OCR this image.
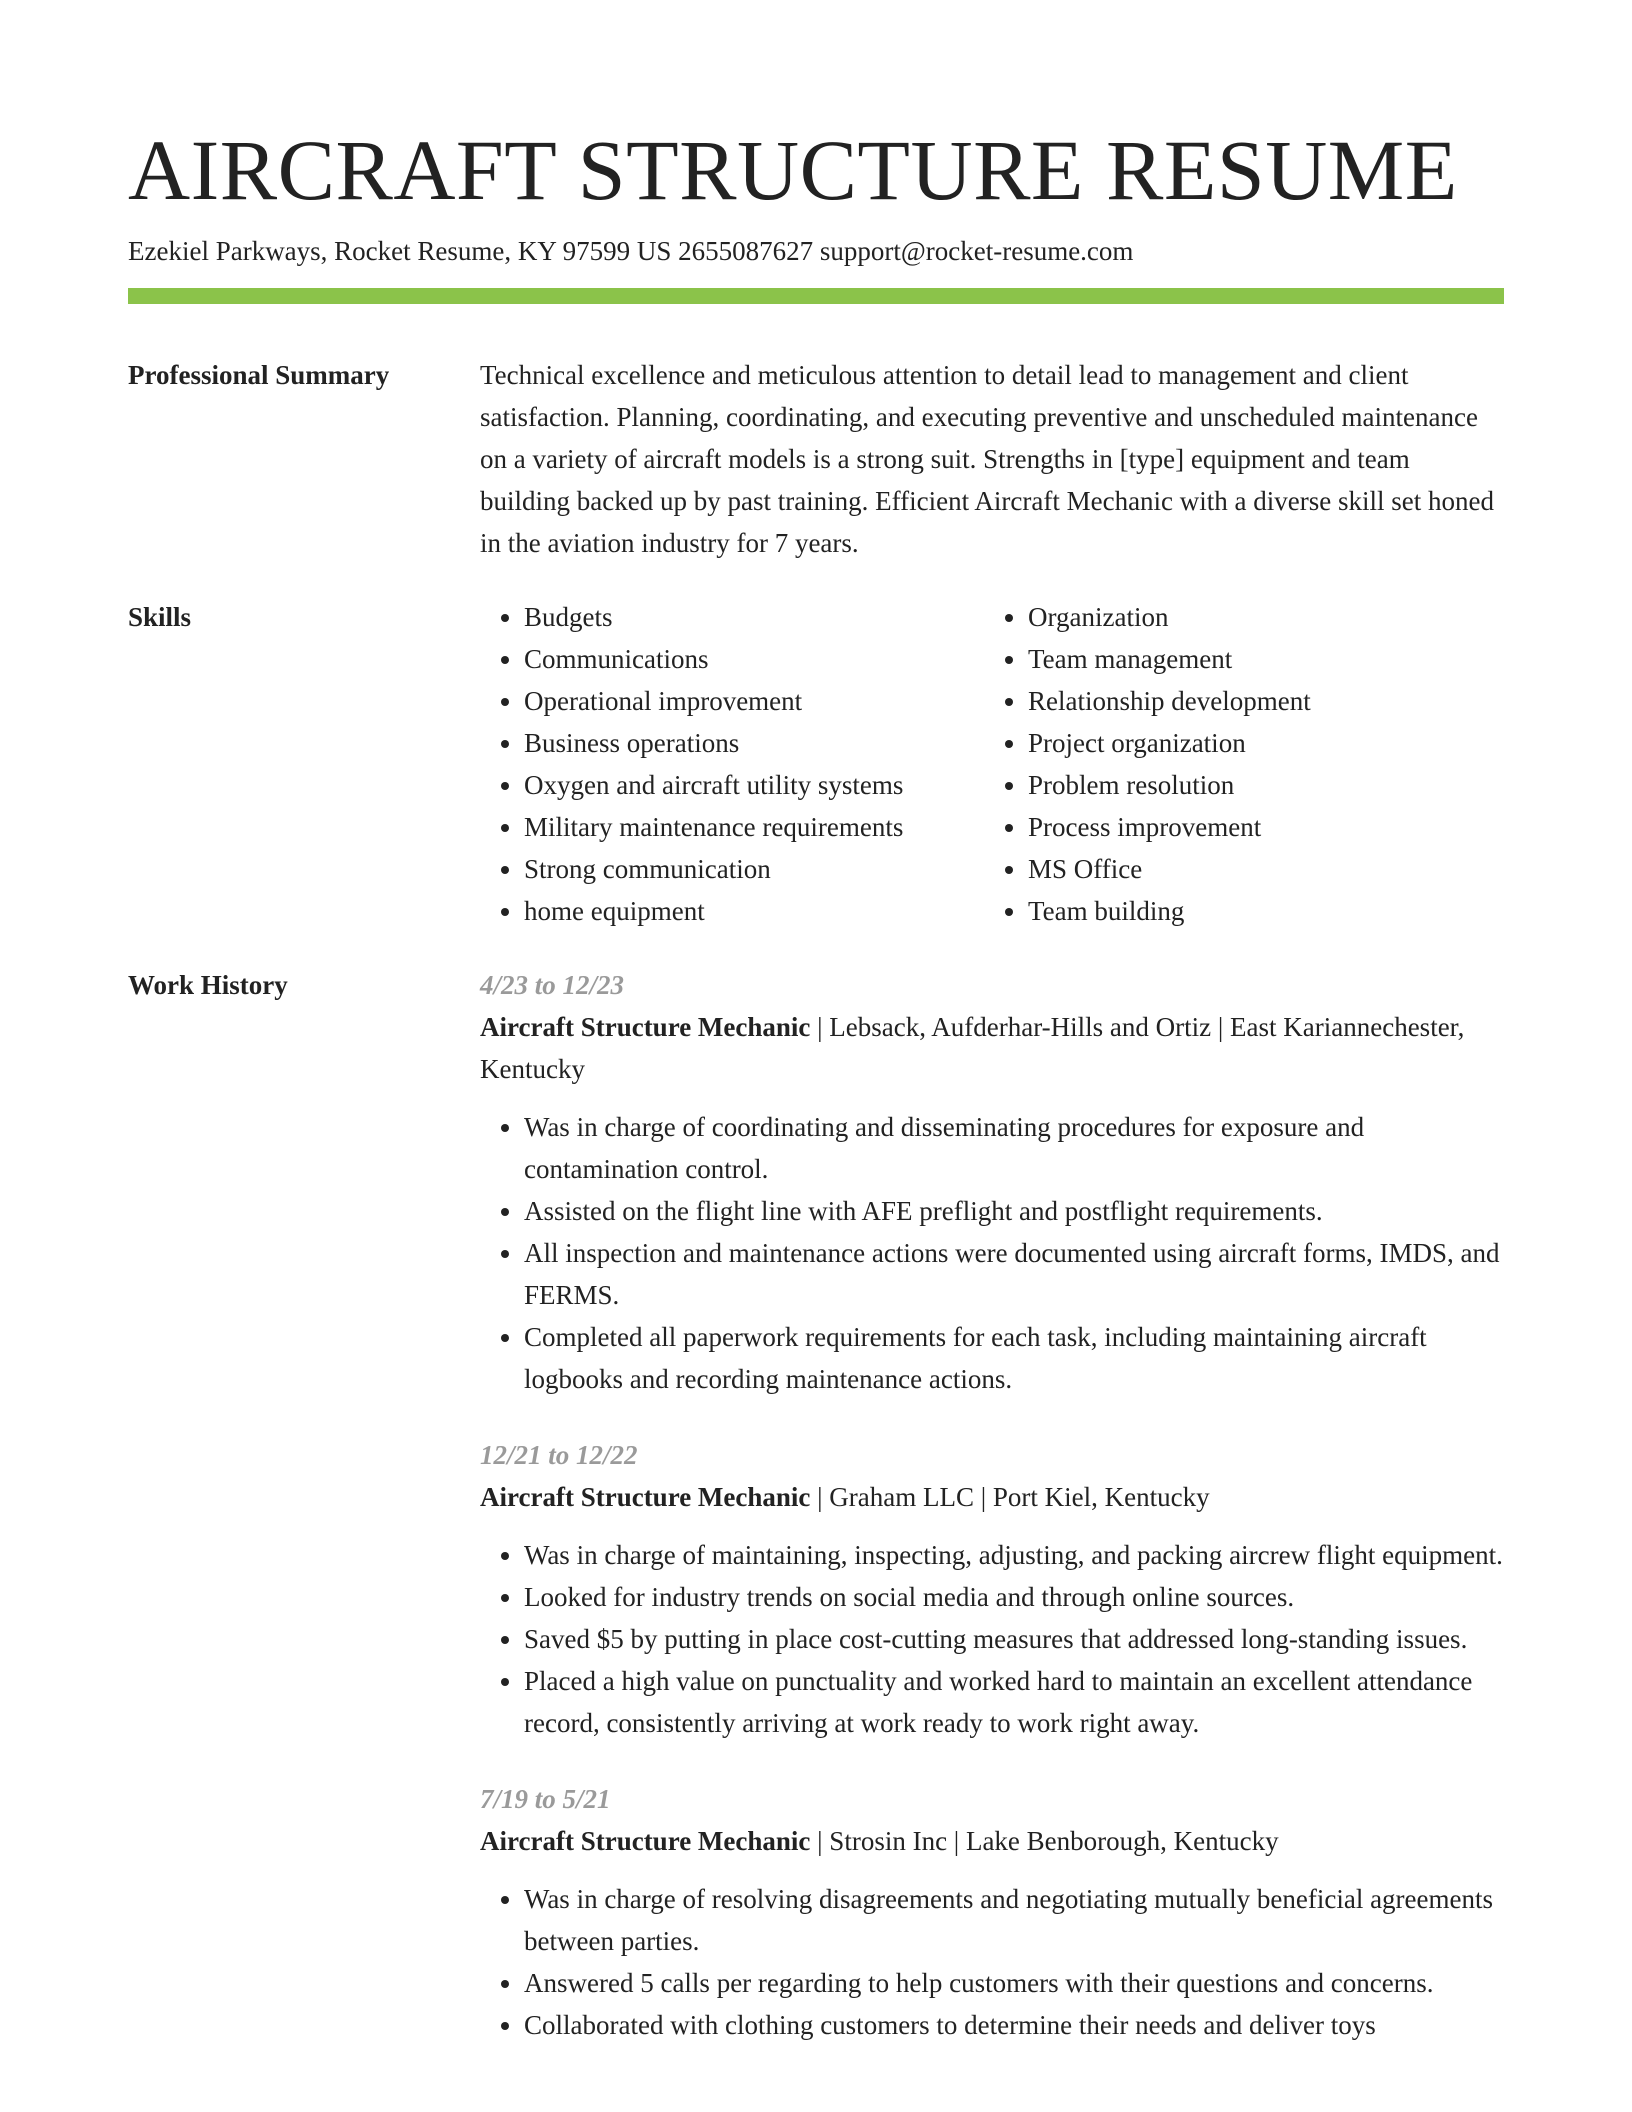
AIRCRAFT STRUCTURE RESUME
Ezekiel Parkways, Rocket Resume, KY 97599 US 2655087627 support@rocket-resume.com
Professional Summary	Technical excellence and meticulous attention to detail lead to management and client satisfaction. Planning, coordinating, and executing preventive and unscheduled maintenance on a variety of aircraft models is a strong suit. Strengths in [type] equipment and team building backed up by past training. Efficient Aircraft Mechanic with a diverse skill set honed in the aviation industry for 7 years.
Skills
•	Budgets
• Communications
• Operational improvement
• Business operations
• Oxygen and aircraft utility systems
• Military maintenance requirements
• Strong communication
• home equipment
• Organization
• Team management
• Relationship development
• Project organization
• Problem resolution
• Process improvement
• MS Office
• Team building
Work History	4/23 to 12/23
Aircraft Structure Mechanic | Lebsack, Aufderhar-Hills and Ortiz | East Kariannechester, Kentucky
• Was in charge of coordinating and disseminating procedures for exposure and contamination control.
• Assisted on the flight line with AFE preflight and postflight requirements.
• All inspection and maintenance actions were documented using aircraft forms, IMDS, and FERMS.
• Completed all paperwork requirements for each task, including maintaining aircraft logbooks and recording maintenance actions.
12/21 to 12/22
Aircraft Structure Mechanic | Graham LLC | Port Kiel, Kentucky
• Was in charge of maintaining, inspecting, adjusting, and packing aircrew flight equipment.
• Looked for industry trends on social media and through online sources.
• Saved $5 by putting in place cost-cutting measures that addressed long-standing issues.
• Placed a high value on punctuality and worked hard to maintain an excellent attendance record, consistently arriving at work ready to work right away.
7/19 to 5/21
Aircraft Structure Mechanic | Strosin Inc | Lake Benborough, Kentucky
• Was in charge of resolving disagreements and negotiating mutually beneficial agreements between parties.
• Answered 5 calls per regarding to help customers with their questions and concerns.
• Collaborated with clothing customers to determine their needs and deliver toys
